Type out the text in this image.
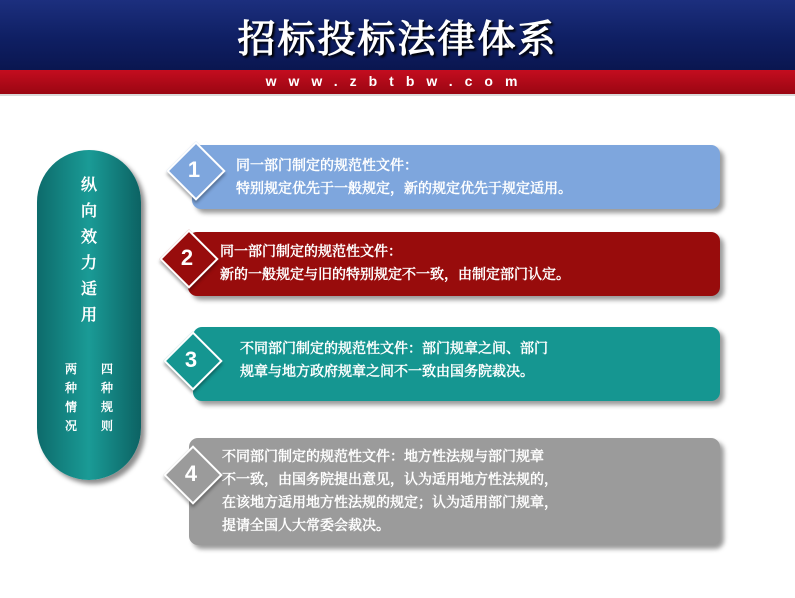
招标投标法律体系
www.zbtbw.com
纵
向
效
力
适
用
两
种
情
况
四
种
规
则
1	同一部门制定的规范性文件：
特别规定优先于一般规定，新的规定优先于规定适用。
2	同一部门制定的规范性文件：
新的一般规定与旧的特别规定不一致，由制定部门认定。
3	不同部门制定的规范性文件：部门规章之间、部门
规章与地方政府规章之间不一致由国务院裁决。
4
不同部门制定的规范性文件：地方性法规与部门规章
不一致，由国务院提出意见，认为适用地方性法规的，
在该地方适用地方性法规的规定；认为适用部门规章，
提请全国人大常委会裁决。
